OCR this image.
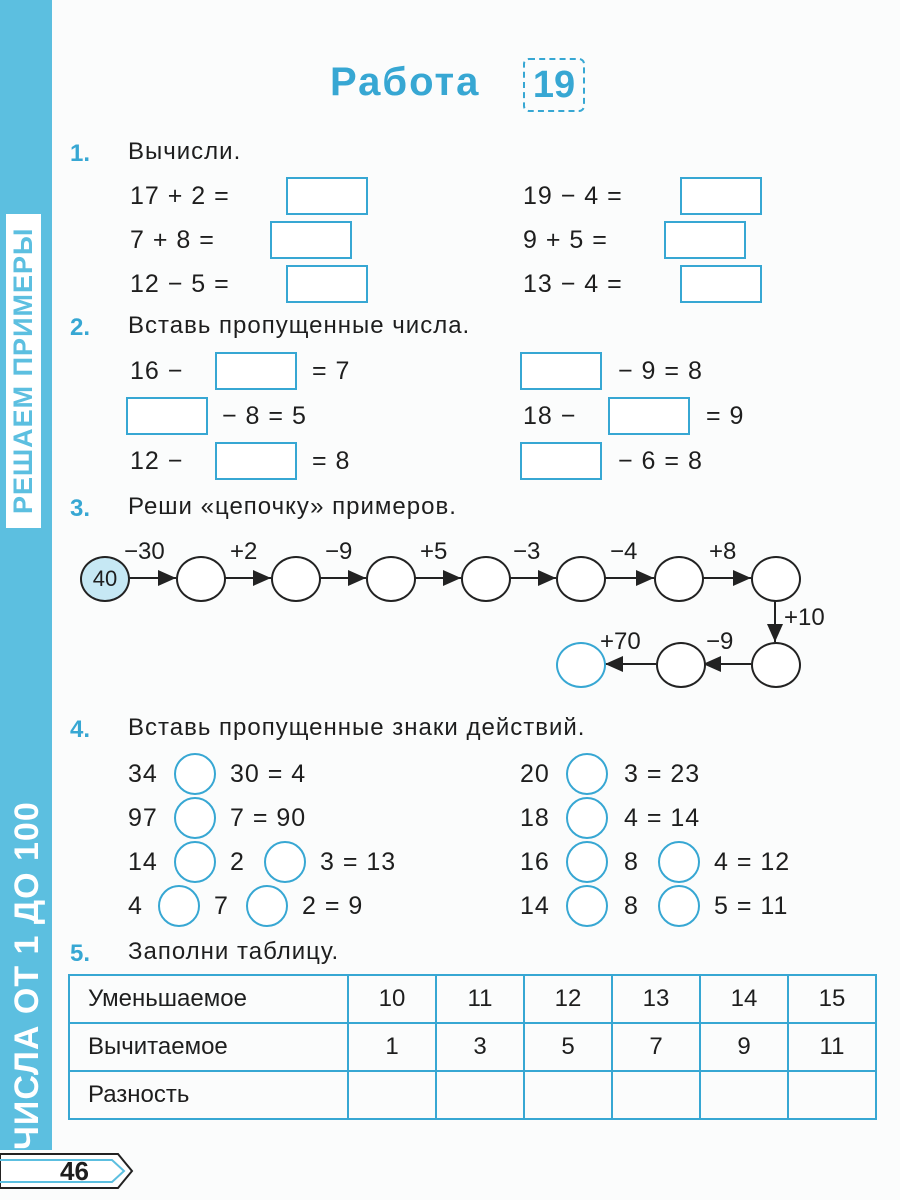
РЕШАЕМ ПРИМЕРЫ
ЧИСЛА ОТ 1 ДО 100
Работа 19
1. Вычисли.
17 + 2 =
7 + 8 =
12 − 5 =
19 − 4 =
9 + 5 =
13 − 4 =
2. Вставь пропущенные числа.
16 −	= 7
− 8 = 5
12 −	= 8
− 9 = 8
18 −	= 9
− 6 = 8
3. Реши «цепочку» примеров.
40
−30	+2	−9	+5	−3	−4	+8
+10
−9
+70
4. Вставь пропущенные знаки действий.
34	30 = 4
97	7 = 90
14	2	3 = 13
4	7	2 = 9
20	3 = 23
18	4 = 14
16	8	4 = 12
14	8	5 = 11
5. Заполни таблицу.
Уменьшаемое	10	11	12	13	14	15
Вычитаемое	1	3	5	7	9	11
Разность						
46
